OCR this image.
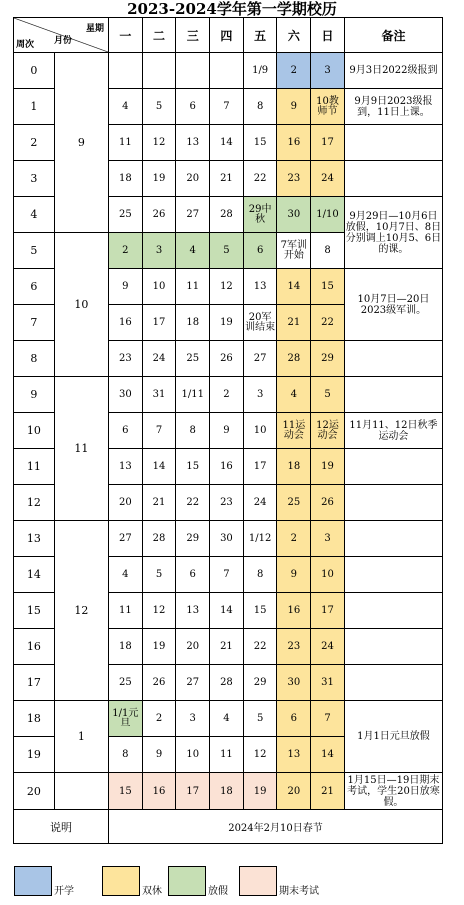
2023-2024学年第一学期校历
周次 月份
星期		一	二	三	四	五	六	日	备注
0	9					1/9	2	3	9月3日2022级报到
1		4	5	6	7	8	9	10教师节	9月9日2023级报到，11日上课。
2		11	12	13	14	15	16	17	
3		18	19	20	21	22	23	24	
4		25	26	27	28	29中秋	30	1/10	9月29日—10月6日放假，10月7日、8日分别调上10月5、6日的课。
5	10	2	3	4	5	6	7军训开始	8	
6		9	10	11	12	13	14	15	10月7日—20日2023级军训。
7		16	17	18	19	20军训结束	21	22	
8		23	24	25	26	27	28	29	
9	11	30	31	1/11	2	3	4	5	
10		6	7	8	9	10	11运动会	12运动会	11月11、12日秋季运动会
11		13	14	15	16	17	18	19	
12		20	21	22	23	24	25	26	
13	12	27	28	29	30	1/12	2	3	
14		4	5	6	7	8	9	10	
15		11	12	13	14	15	16	17	
16		18	19	20	21	22	23	24	
17		25	26	27	28	29	30	31	
18	1	1/1元旦	2	3	4	5	6	7	1月1日元旦放假
19		8	9	10	11	12	13	14	
20		15	16	17	18	19	20	21	1月15日—19日期末考试，学生20日放寒假。
说明		2024年2月10日春节							
开学	双休	放假	期末考试
